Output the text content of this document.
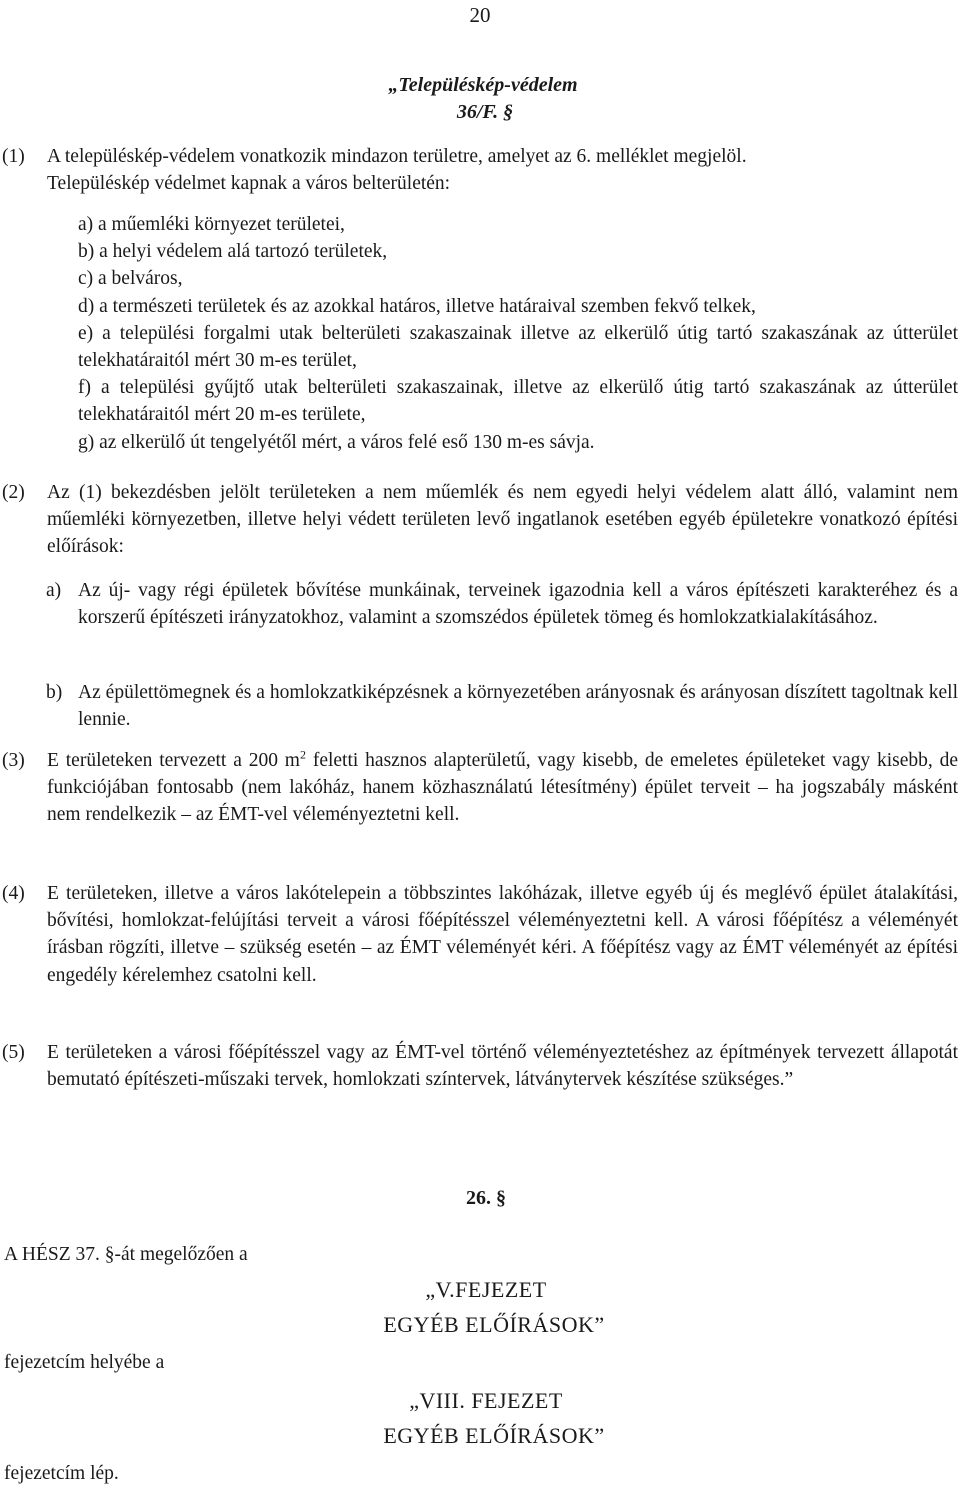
20
„Településkép-védelem
36/F. §
(1) A településkép-védelem vonatkozik mindazon területre, amelyet az 6. melléklet megjelöl.
Településkép védelmet kapnak a város belterületén:
a) a műemléki környezet területei,
b) a helyi védelem alá tartozó területek,
c) a belváros,
d) a természeti területek és az azokkal határos, illetve határaival szemben fekvő telkek,
e) a települési forgalmi utak belterületi szakaszainak illetve az elkerülő útig tartó szakaszának az útterület telekhatáraitól mért 30 m-es terület,
f) a települési gyűjtő utak belterületi szakaszainak, illetve az elkerülő útig tartó szakaszának az útterület telekhatáraitól mért 20 m-es területe,
g) az elkerülő út tengelyétől mért, a város felé eső 130 m-es sávja.
(2) Az (1) bekezdésben jelölt területeken a nem műemlék és nem egyedi helyi védelem alatt álló, valamint nem műemléki környezetben, illetve helyi védett területen levő ingatlanok esetében egyéb épületekre vonatkozó építési előírások:
a) Az új- vagy régi épületek bővítése munkáinak, terveinek igazodnia kell a város építészeti karakteréhez és a korszerű építészeti irányzatokhoz, valamint a szomszédos épületek tömeg és homlokzatkialakításához.
b) Az épülettömegnek és a homlokzatkiképzésnek a környezetében arányosnak és arányosan díszített tagoltnak kell lennie.
(3) E területeken tervezett a 200 $m^2$ feletti hasznos alapterületű, vagy kisebb, de emeletes épületeket vagy kisebb, de funkciójában fontosabb (nem lakóház, hanem közhasználatú létesítmény) épület terveit – ha jogszabály másként nem rendelkezik – az ÉMT-vel véleményeztetni kell.
(4) E területeken, illetve a város lakótelepein a többszintes lakóházak, illetve egyéb új és meglévő épület átalakítási, bővítési, homlokzat-felújítási terveit a városi főépítésszel véleményeztetni kell. A városi főépítész a véleményét írásban rögzíti, illetve – szükség esetén – az ÉMT véleményét kéri. A főépítész vagy az ÉMT véleményét az építési engedély kérelemhez csatolni kell.
(5) E területeken a városi főépítésszel vagy az ÉMT-vel történő véleményeztetéshez az építmények tervezett állapotát bemutató építészeti-műszaki tervek, homlokzati színtervek, látványtervek készítése szükséges.”
26. §
A HÉSZ 37. §-át megelőzően a
fejezetcím helyébe a
fejezetcím lép.
„V.FEJEZET
EGYÉB ELŐÍRÁSOK”
„VIII. FEJEZET
EGYÉB ELŐÍRÁSOK”
